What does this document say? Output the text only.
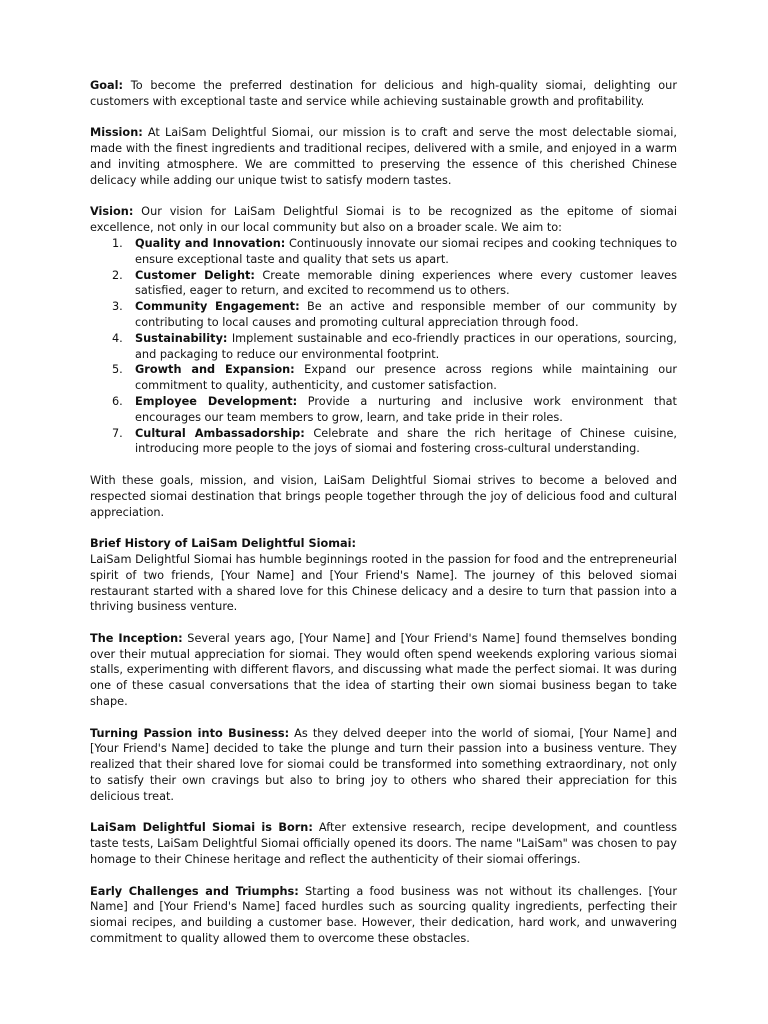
Goal: To become the preferred destination for delicious and high-quality siomai, delighting our customers with exceptional taste and service while achieving sustainable growth and profitability.

Mission: At LaiSam Delightful Siomai, our mission is to craft and serve the most delectable siomai, made with the finest ingredients and traditional recipes, delivered with a smile, and enjoyed in a warm and inviting atmosphere. We are committed to preserving the essence of this cherished Chinese delicacy while adding our unique twist to satisfy modern tastes.

Vision: Our vision for LaiSam Delightful Siomai is to be recognized as the epitome of siomai excellence, not only in our local community but also on a broader scale. We aim to:

1. Quality and Innovation: Continuously innovate our siomai recipes and cooking techniques to ensure exceptional taste and quality that sets us apart.
2. Customer Delight: Create memorable dining experiences where every customer leaves satisfied, eager to return, and excited to recommend us to others.
3. Community Engagement: Be an active and responsible member of our community by contributing to local causes and promoting cultural appreciation through food.
4. Sustainability: Implement sustainable and eco-friendly practices in our operations, sourcing, and packaging to reduce our environmental footprint.
5. Growth and Expansion: Expand our presence across regions while maintaining our commitment to quality, authenticity, and customer satisfaction.
6. Employee Development: Provide a nurturing and inclusive work environment that encourages our team members to grow, learn, and take pride in their roles.
7. Cultural Ambassadorship: Celebrate and share the rich heritage of Chinese cuisine, introducing more people to the joys of siomai and fostering cross-cultural understanding.

With these goals, mission, and vision, LaiSam Delightful Siomai strives to become a beloved and respected siomai destination that brings people together through the joy of delicious food and cultural appreciation.

Brief History of LaiSam Delightful Siomai:
LaiSam Delightful Siomai has humble beginnings rooted in the passion for food and the entrepreneurial spirit of two friends, [Your Name] and [Your Friend's Name]. The journey of this beloved siomai restaurant started with a shared love for this Chinese delicacy and a desire to turn that passion into a thriving business venture.

The Inception: Several years ago, [Your Name] and [Your Friend's Name] found themselves bonding over their mutual appreciation for siomai. They would often spend weekends exploring various siomai stalls, experimenting with different flavors, and discussing what made the perfect siomai. It was during one of these casual conversations that the idea of starting their own siomai business began to take shape.

Turning Passion into Business: As they delved deeper into the world of siomai, [Your Name] and [Your Friend's Name] decided to take the plunge and turn their passion into a business venture. They realized that their shared love for siomai could be transformed into something extraordinary, not only to satisfy their own cravings but also to bring joy to others who shared their appreciation for this delicious treat.

LaiSam Delightful Siomai is Born: After extensive research, recipe development, and countless taste tests, LaiSam Delightful Siomai officially opened its doors. The name "LaiSam" was chosen to pay homage to their Chinese heritage and reflect the authenticity of their siomai offerings.

Early Challenges and Triumphs: Starting a food business was not without its challenges. [Your Name] and [Your Friend's Name] faced hurdles such as sourcing quality ingredients, perfecting their siomai recipes, and building a customer base. However, their dedication, hard work, and unwavering commitment to quality allowed them to overcome these obstacles.
